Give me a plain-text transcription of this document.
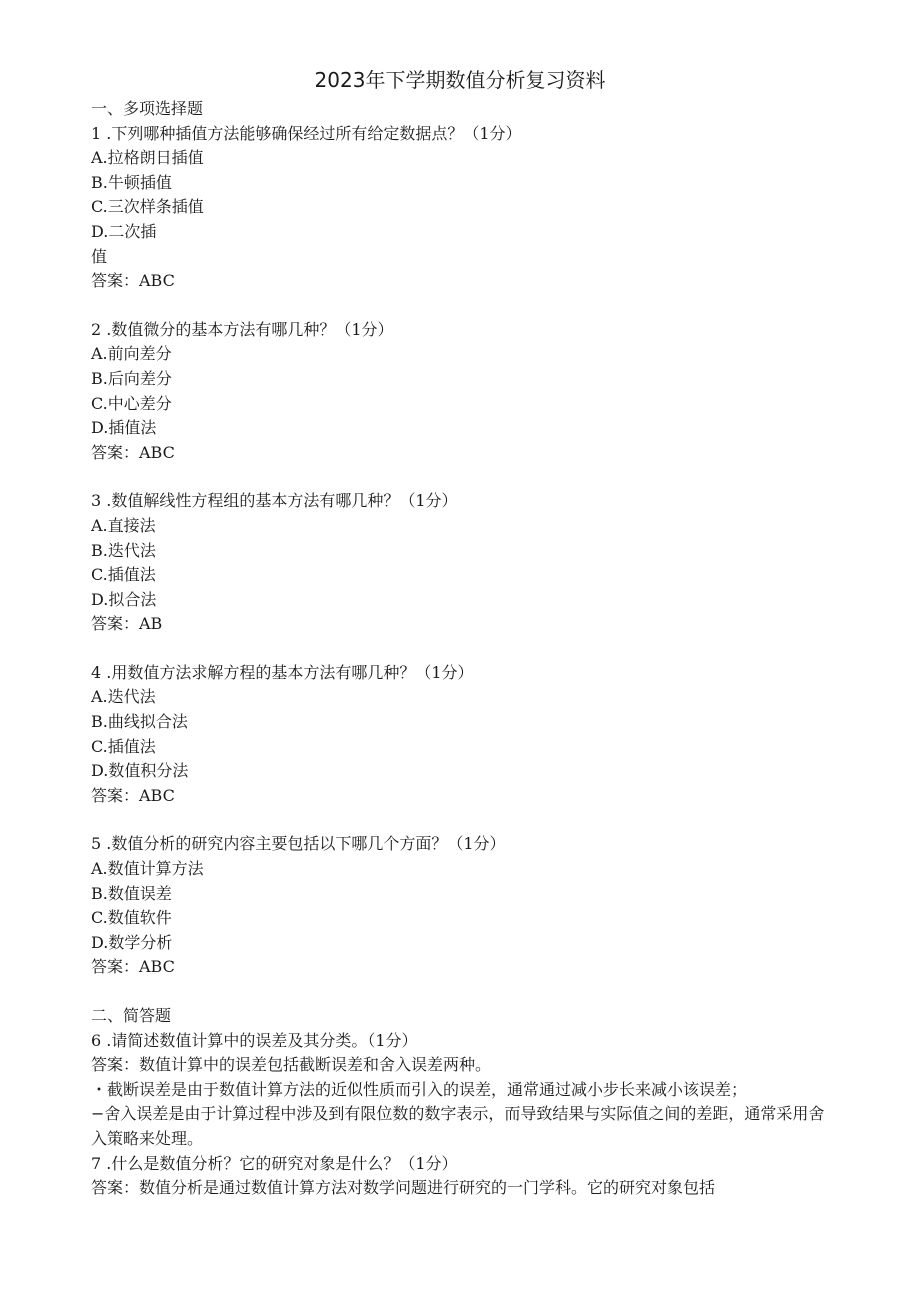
2023年下学期数值分析复习资料
一、多项选择题
1 .下列哪种插值方法能够确保经过所有给定数据点？（1分）
A.拉格朗日插值
B.牛顿插值
C.三次样条插值
D.二次插
值
答案：ABC
2 .数值微分的基本方法有哪几种？（1分）
A.前向差分
B.后向差分
C.中心差分
D.插值法
答案：ABC
3 .数值解线性方程组的基本方法有哪几种？（1分）
A.直接法
B.迭代法
C.插值法
D.拟合法
答案：AB
4 .用数值方法求解方程的基本方法有哪几种？（1分）
A.迭代法
B.曲线拟合法
C.插值法
D.数值积分法
答案：ABC
5 .数值分析的研究内容主要包括以下哪几个方面？（1分）
A.数值计算方法
B.数值误差
C.数值软件
D.数学分析
答案：ABC
二、简答题
6 .请简述数值计算中的误差及其分类。（1分）
答案：数值计算中的误差包括截断误差和舍入误差两种。
・截断误差是由于数值计算方法的近似性质而引入的误差，通常通过减小步长来减小该误差；
−舍入误差是由于计算过程中涉及到有限位数的数字表示，而导致结果与实际值之间的差距，通常采用舍入策略来处理。
7 .什么是数值分析？它的研究对象是什么？（1分）
答案：数值分析是通过数值计算方法对数学问题进行研究的一门学科。它的研究对象包括
